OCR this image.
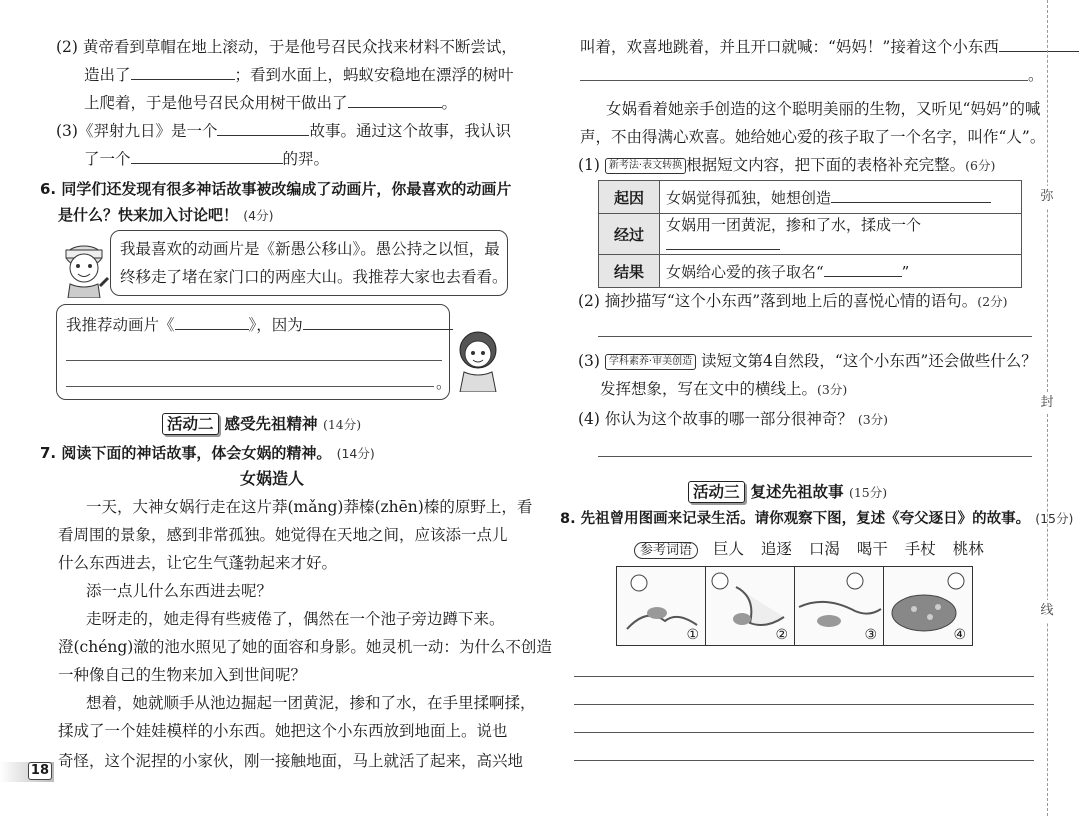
(2) 黄帝看到草帽在地上滚动，于是他号召民众找来材料不断尝试，
造出了	；看到水面上，蚂蚁安稳地在漂浮的树叶
上爬着，于是他号召民众用树干做出了	。
(3)《羿射九日》是一个	故事。通过这个故事，我认识
了一个	的羿。
6. 同学们还发现有很多神话故事被改编成了动画片，你最喜欢的动画片
是什么？快来加入讨论吧！ (4分)
我最喜欢的动画片是《新愚公移山》。愚公持之以恒，最
终移走了堵在家门口的两座大山。我推荐大家也去看看。
我推荐动画片《	》，因为
。
活动二 感受先祖精神 (14分)
7. 阅读下面的神话故事，体会女娲的精神。 (14分)
女娲造人
一天，大神女娲行走在这片莽(mǎng)莽榛(zhēn)榛的原野上，看
看周围的景象，感到非常孤独。她觉得在天地之间，应该添一点儿
什么东西进去，让它生气蓬勃起来才好。
添一点儿什么东西进去呢？
走呀走的，她走得有些疲倦了，偶然在一个池子旁边蹲下来。
澄(chéng)澈的池水照见了她的面容和身影。她灵机一动：为什么不创造
一种像自己的生物来加入到世间呢？
想着，她就顺手从池边掘起一团黄泥，掺和了水，在手里揉啊揉，
揉成了一个娃娃模样的小东西。她把这个小东西放到地面上。说也
奇怪，这个泥捏的小家伙，刚一接触地面，马上就活了起来，高兴地
18
叫着，欢喜地跳着，并且开口就喊：“妈妈！”接着这个小东西
。
女娲看着她亲手创造的这个聪明美丽的生物，又听见“妈妈”的喊
声，不由得满心欢喜。她给她心爱的孩子取了一个名字，叫作“人”。
(1) 新考法·表文转换 根据短文内容，把下面的表格补充完整。(6分)
起因	女娲觉得孤独，她想创造
经过	女娲用一团黄泥，掺和了水，揉成一个
结果	女娲给心爱的孩子取名“ ”
(2) 摘抄描写“这个小东西”落到地上后的喜悦心情的语句。(2分)
(3) 学科素养·审美创造 读短文第4自然段，“这个小东西”还会做些什么？
发挥想象，写在文中的横线上。(3分)
(4) 你认为这个故事的哪一部分很神奇？ (3分)
活动三 复述先祖故事 (15分)
8. 先祖曾用图画来记录生活。请你观察下图，复述《夸父逐日》的故事。 (15分)
参考词语 巨人 追逐 口渴 喝干 手杖 桃林
①	②	③	④
弥
封
线
